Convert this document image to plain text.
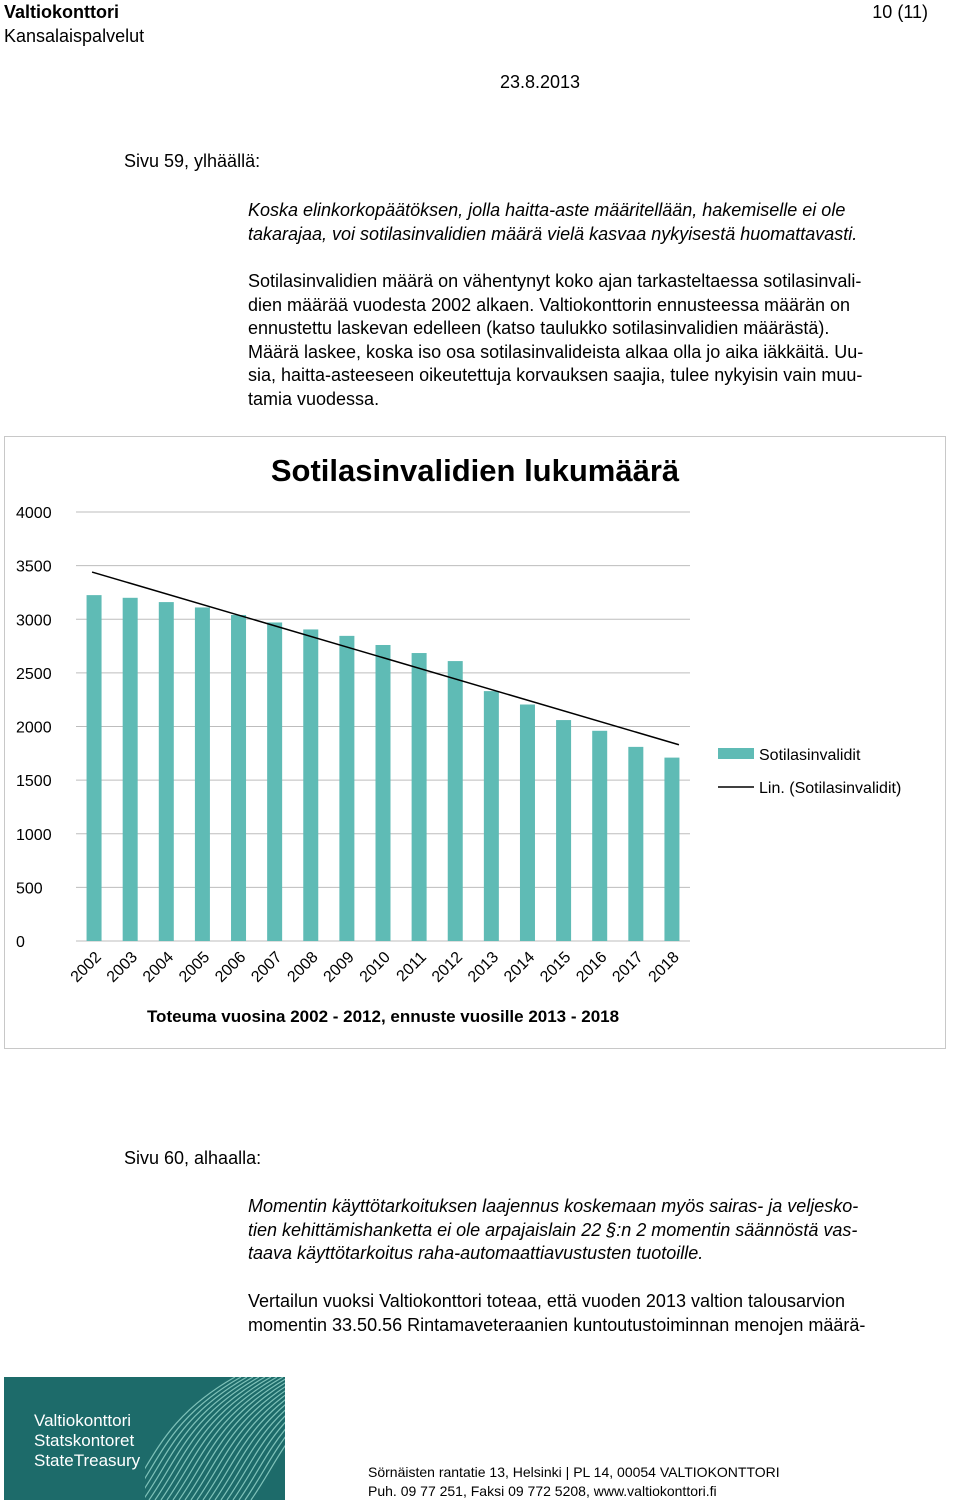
Valtiokonttori
Kansalaispalvelut
10 (11)
23.8.2013
Sivu 59, ylhäällä:
Koska elinkorkopäätöksen, jolla haitta-aste määritellään, hakemiselle ei ole
takarajaa, voi sotilasinvalidien määrä vielä kasvaa nykyisestä huomattavasti.
Sotilasinvalidien määrä on vähentynyt koko ajan tarkasteltaessa sotilasinvali-
dien määrää vuodesta 2002 alkaen. Valtiokonttorin ennusteessa määrän on
ennustettu laskevan edelleen (katso taulukko sotilasinvalidien määrästä).
Määrä laskee, koska iso osa sotilasinvalideista alkaa olla jo aika iäkkäitä. Uu-
sia, haitta-asteeseen oikeutettuja korvauksen saajia, tulee nykyisin vain muu-
tamia vuodessa.
0
500
1000
1500
2000
2500
3000
3500
4000
2002
2003
2004
2005
2006
2007
2008
2009
2010 2011
2012
2013
2014
2015
2016
2017
2018
Sotilasinvalidien lukumäärä
Toteuma vuosina 2002 - 2012, ennuste vuosille 2013 - 2018
Sotilasinvalidit
Lin. (Sotilasinvalidit)
Sivu 60, alhaalla:
Momentin käyttötarkoituksen laajennus koskemaan myös sairas- ja veljesko-
tien kehittämishanketta ei ole arpajaislain 22 §:n 2 momentin säännöstä vas-
taava käyttötarkoitus raha-automaattiavustusten tuotoille.
Vertailun vuoksi Valtiokonttori toteaa, että vuoden 2013 valtion talousarvion
momentin 33.50.56 Rintamaveteraanien kuntoutustoiminnan menojen määrä-
Valtiokonttori
Statskontoret
StateTreasury
Sörnäisten rantatie 13, Helsinki | PL 14, 00054 VALTIOKONTTORI
Puh. 09 77 251, Faksi 09 772 5208, www.valtiokonttori.fi
